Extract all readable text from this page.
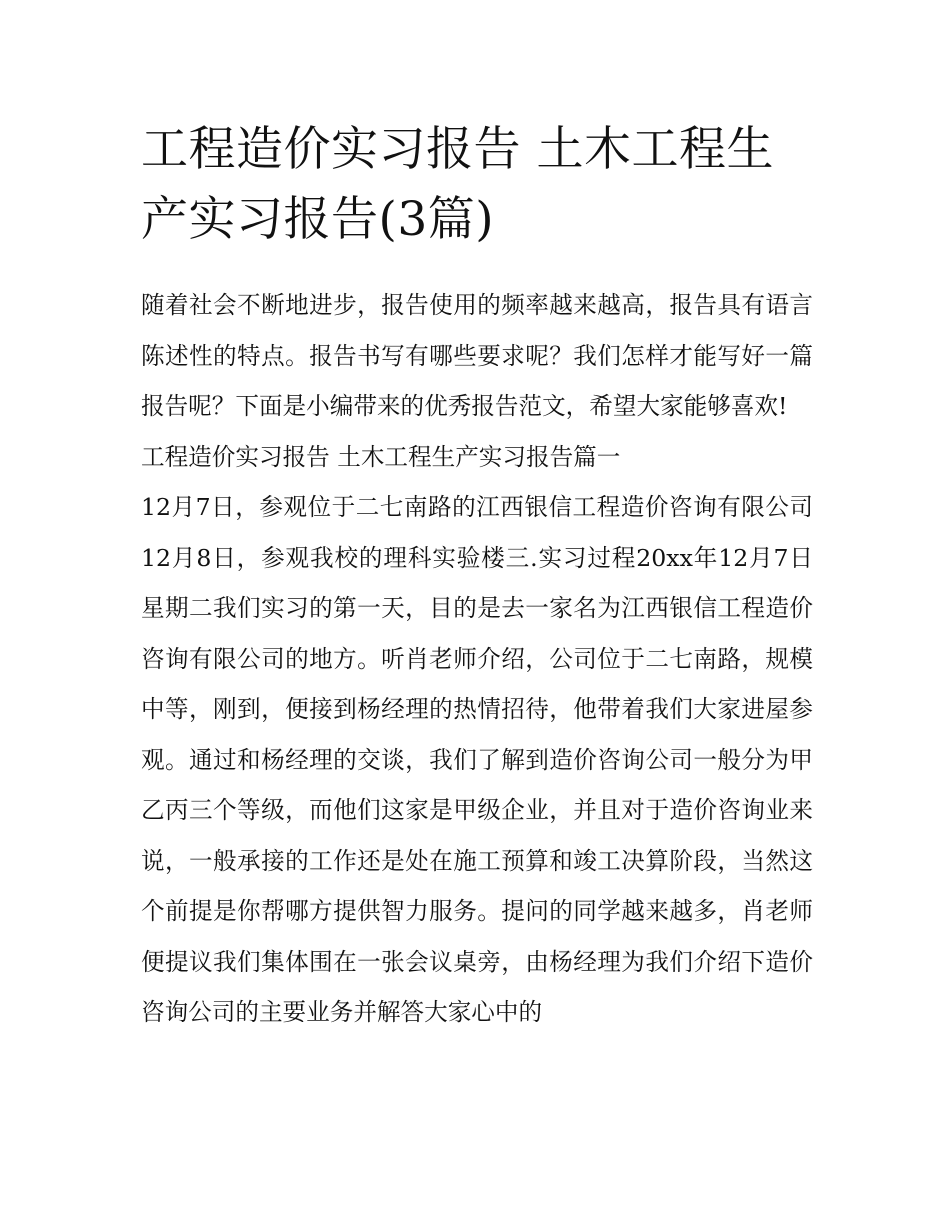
工程造价实习报告 土木工程生产实习报告(3篇)

随着社会不断地进步，报告使用的频率越来越高，报告具有语言陈述性的特点。报告书写有哪些要求呢？我们怎样才能写好一篇报告呢？下面是小编带来的优秀报告范文，希望大家能够喜欢!

工程造价实习报告 土木工程生产实习报告篇一

12月7日，参观位于二七南路的江西银信工程造价咨询有限公司12月8日，参观我校的理科实验楼三.实习过程20xx年12月7日星期二我们实习的第一天，目的是去一家名为江西银信工程造价咨询有限公司的地方。听肖老师介绍，公司位于二七南路，规模中等，刚到，便接到杨经理的热情招待，他带着我们大家进屋参观。通过和杨经理的交谈，我们了解到造价咨询公司一般分为甲乙丙三个等级，而他们这家是甲级企业，并且对于造价咨询业来说，一般承接的工作还是处在施工预算和竣工决算阶段，当然这个前提是你帮哪方提供智力服务。提问的同学越来越多，肖老师便提议我们集体围在一张会议桌旁，由杨经理为我们介绍下造价咨询公司的主要业务并解答大家心中的
